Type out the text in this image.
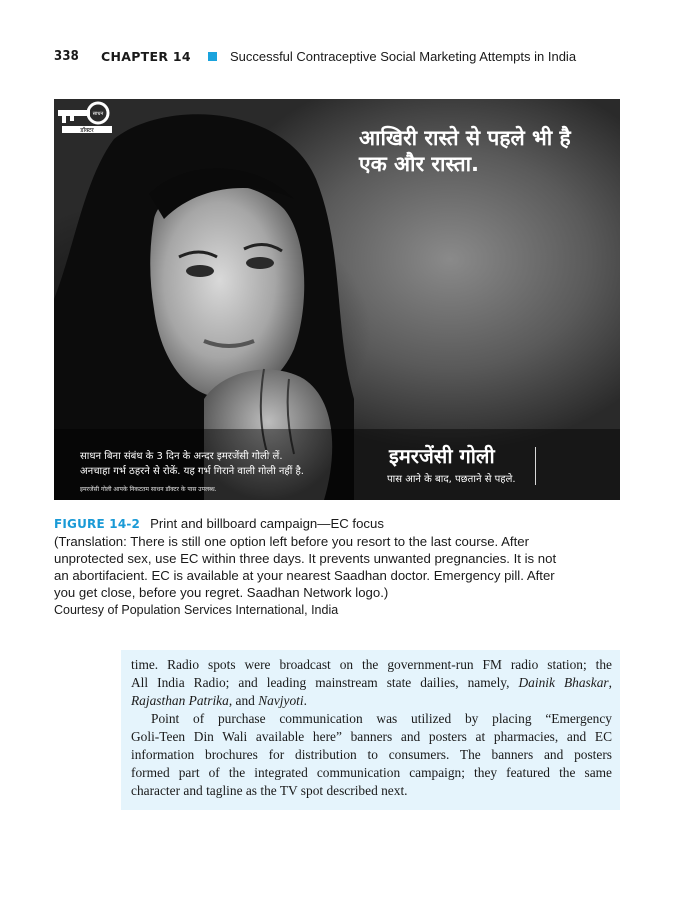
338 CHAPTER 14	Successful Contraceptive Social Marketing Attempts in India
आखिरी रास्ते से पहले भी है
एक और रास्ता.
साधन बिना संबंध के 3 दिन के अन्दर इमरजेंसी गोली लें.
अनचाहा गर्भ ठहरने से रोकें. यह गर्भ गिराने वाली गोली नहीं है.
इमरजेंसी गोली आपके निकटतम साधन डॉक्टर के पास उपलब्ध.
इमरजेंसी गोली
पास आने के बाद, पछताने से पहले.
डॉक्टर
साधन
FIGURE 14-2 Print and billboard campaign—EC focus
(Translation: There is still one option left before you resort to the last course. After
unprotected sex, use EC within three days. It prevents unwanted pregnancies. It is not
an abortifacient. EC is available at your nearest Saadhan doctor. Emergency pill. After
you get close, before you regret. Saadhan Network logo.)
Courtesy of Population Services International, India
time. Radio spots were broadcast on the government-run FM radio station; the
All India Radio; and leading mainstream state dailies, namely, Dainik Bhaskar,
Rajasthan Patrika, and Navjyoti.
Point of purchase communication was utilized by placing “Emergency
Goli-Teen Din Wali available here” banners and posters at pharmacies, and EC
information brochures for distribution to consumers. The banners and posters
formed part of the integrated communication campaign; they featured the same
character and tagline as the TV spot described next.
